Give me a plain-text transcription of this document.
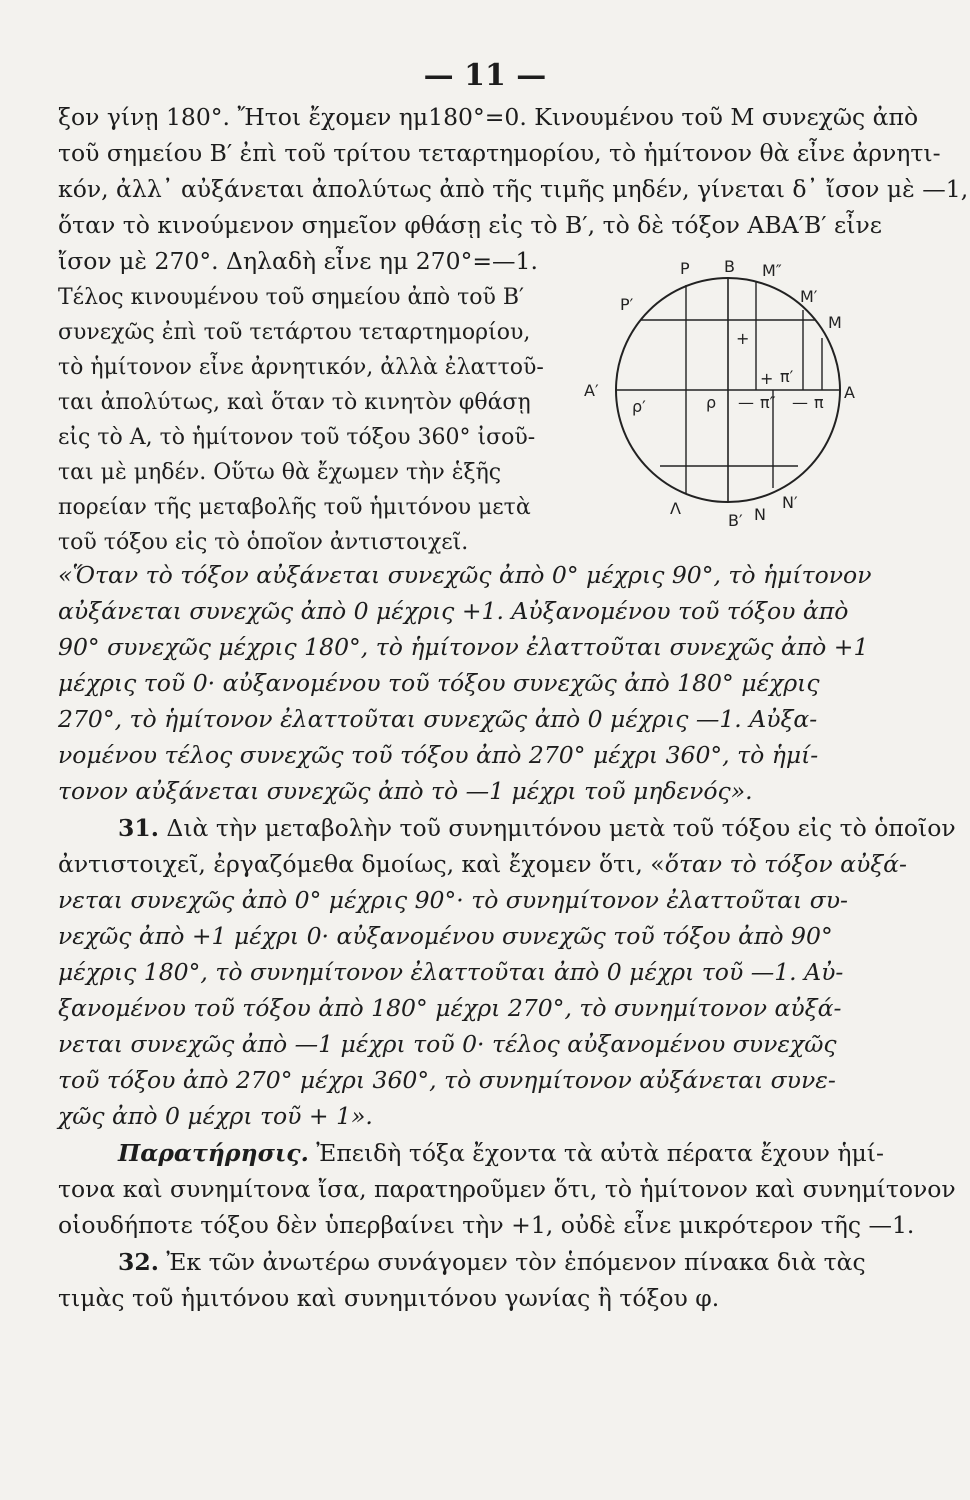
— 11 —
ξον γίνῃ 180°. Ἤτοι ἔχομεν ημ180°=0. Κινουμένου τοῦ Μ συνεχῶς ἀπὸ
τοῦ σημείου Β′ ἐπὶ τοῦ τρίτου τεταρτημορίου, τὸ ἡμίτονον θὰ εἶνε ἀρνητι-
κόν, ἀλλ᾽ αὐξάνεται ἀπολύτως ἀπὸ τῆς τιμῆς μηδέν, γίνεται δ᾽ ἴσον μὲ —1,
ὅταν τὸ κινούμενον σημεῖον φθάσῃ εἰς τὸ Β′, τὸ δὲ τόξον ΑΒΑ′Β′ εἶνε
ἴσον μὲ 270°. Δηλαδὴ εἶνε ημ 270°=—1.
Τέλος κινουμένου τοῦ σημείου ἀπὸ τοῦ Β′
συνεχῶς ἐπὶ τοῦ τετάρτου τεταρτημορίου,
τὸ ἡμίτονον εἶνε ἀρνητικόν, ἀλλὰ ἐλαττοῦ-
ται ἀπολύτως, καὶ ὅταν τὸ κινητὸν φθάσῃ
εἰς τὸ Α, τὸ ἡμίτονον τοῦ τόξου 360° ἰσοῦ-
ται μὲ μηδέν. Οὕτω θὰ ἔχωμεν τὴν ἑξῆς
πορείαν τῆς μεταβολῆς τοῦ ἡμιτόνου μετὰ
τοῦ τόξου εἰς τὸ ὁποῖον ἀντιστοιχεῖ.
Ρ Β Μ″
Ρ′	Μ′
Μ
+
+ π′
Α′	Α
ρ′	ρ — π″ — π
Λ
Β′ Ν
Ν′
«Ὅταν τὸ τόξον αὐξάνεται συνεχῶς ἀπὸ 0° μέχρις 90°, τὸ ἡμίτονον
αὐξάνεται συνεχῶς ἀπὸ 0 μέχρις +1. Αὐξανομένου τοῦ τόξου ἀπὸ
90° συνεχῶς μέχρις 180°, τὸ ἡμίτονον ἐλαττοῦται συνεχῶς ἀπὸ +1
μέχρις τοῦ 0· αὐξανομένου τοῦ τόξου συνεχῶς ἀπὸ 180° μέχρις
270°, τὸ ἡμίτονον ἐλαττοῦται συνεχῶς ἀπὸ 0 μέχρις —1. Αὐξα-
νομένου τέλος συνεχῶς τοῦ τόξου ἀπὸ 270° μέχρι 360°, τὸ ἡμί-
τονον αὐξάνεται συνεχῶς ἀπὸ τὸ —1 μέχρι τοῦ μηδενός».
31. Διὰ τὴν μεταβολὴν τοῦ συνημιτόνου μετὰ τοῦ τόξου εἰς τὸ ὁποῖον
ἀντιστοιχεῖ, ἐργαζόμεθα δμοίως, καὶ ἔχομεν ὅτι, «ὅταν τὸ τόξον αὐξά-
νεται συνεχῶς ἀπὸ 0° μέχρις 90°· τὸ συνημίτονον ἐλαττοῦται συ-
νεχῶς ἀπὸ +1 μέχρι 0· αὐξανομένου συνεχῶς τοῦ τόξου ἀπὸ 90°
μέχρις 180°, τὸ συνημίτονον ἐλαττοῦται ἀπὸ 0 μέχρι τοῦ —1. Αὐ-
ξανομένου τοῦ τόξου ἀπὸ 180° μέχρι 270°, τὸ συνημίτονον αὐξά-
νεται συνεχῶς ἀπὸ —1 μέχρι τοῦ 0· τέλος αὐξανομένου συνεχῶς
τοῦ τόξου ἀπὸ 270° μέχρι 360°, τὸ συνημίτονον αὐξάνεται συνε-
χῶς ἀπὸ 0 μέχρι τοῦ + 1».
Παρατήρησις. Ἐπειδὴ τόξα ἔχοντα τὰ αὐτὰ πέρατα ἔχουν ἡμί-
τονα καὶ συνημίτονα ἴσα, παρατηροῦμεν ὅτι, τὸ ἡμίτονον καὶ συνημίτονον
οἱουδήποτε τόξου δὲν ὑπερβαίνει τὴν +1, οὐδὲ εἶνε μικρότερον τῆς —1.
32. Ἐκ τῶν ἀνωτέρω συνάγομεν τὸν ἑπόμενον πίνακα διὰ τὰς
τιμὰς τοῦ ἡμιτόνου καὶ συνημιτόνου γωνίας ἢ τόξου φ.
